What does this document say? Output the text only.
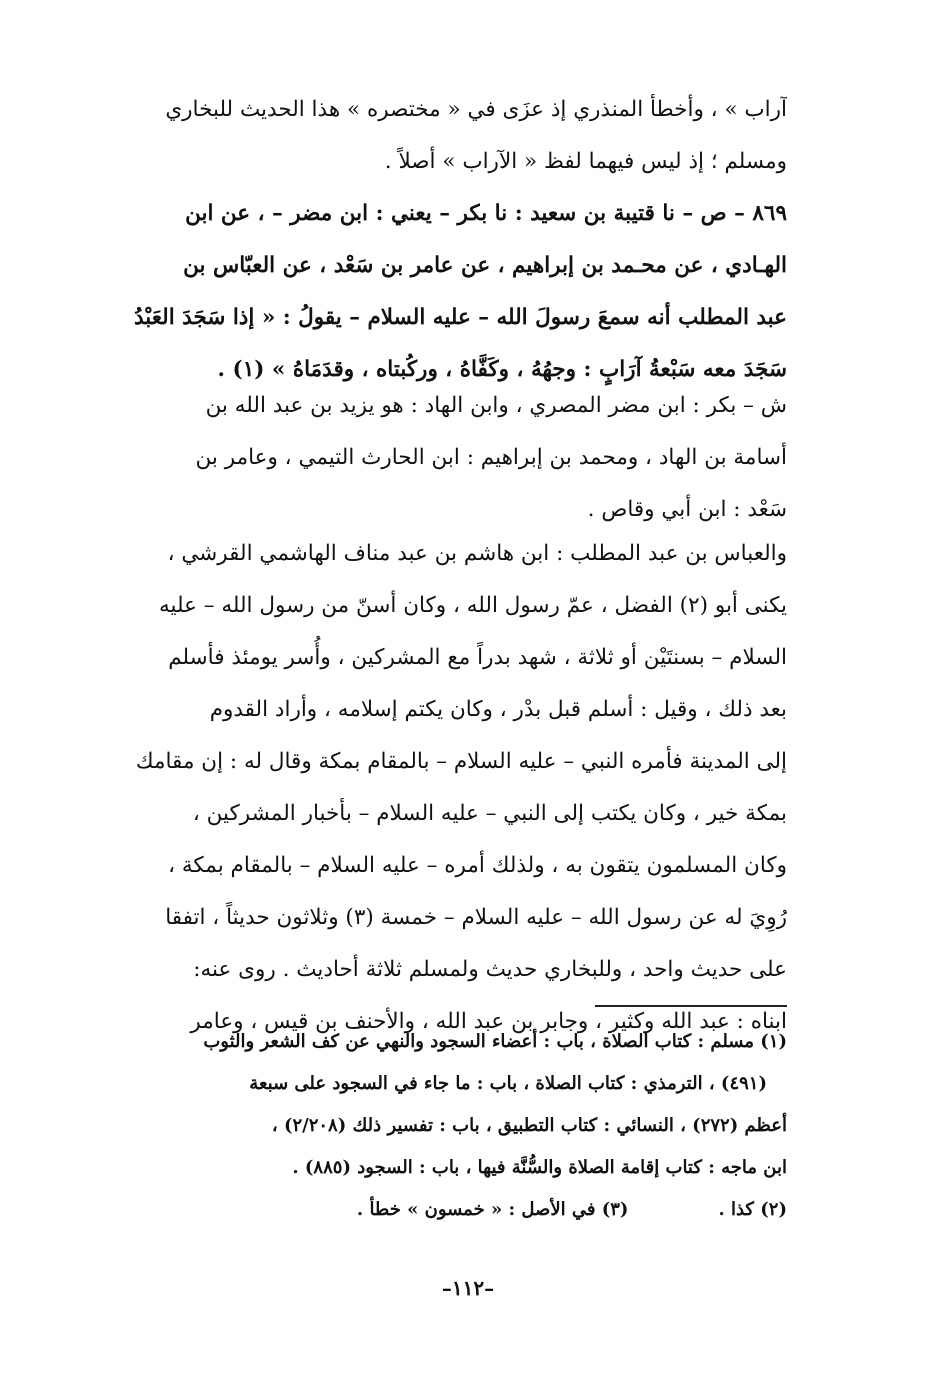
آراب » ، وأخطأ المنذري إذ عزَى في « مختصره » هذا الحديث للبخاري
ومسلم ؛ إذ ليس فيهما لفظ « الآراب » أصلاً .
٨٦٩ – ص – نا قتيبة بن سعيد : نا بكر – يعني : ابن مضر – ، عن ابن
الهـادي ، عن محـمد بن إبراهيم ، عن عامر بن سَعْد ، عن العبّاس بن
عبد المطلب أنه سمعَ رسولَ الله – عليه السلام – يقولُ : « إذا سَجَدَ العَبْدُ
سَجَدَ معه سَبْعةُ آرَابٍ : وجهُهُ ، وكَفَّاهُ ، وركُبتاه ، وقدَمَاهُ » (١) .
ش – بكر : ابن مضر المصري ، وابن الهاد : هو يزيد بن عبد الله بن
أسامة بن الهاد ، ومحمد بن إبراهيم : ابن الحارث التيمي ، وعامر بن
سَعْد : ابن أبي وقاص .
والعباس بن عبد المطلب : ابن هاشم بن عبد مناف الهاشمي القرشي ،
يكنى أبو (٢) الفضل ، عمّ رسول الله ، وكان أسنّ من رسول الله – عليه
السلام – بسنتَيْن أو ثلاثة ، شهد بدراً مع المشركين ، وأُسر يومئذ فأسلم
بعد ذلك ، وقيل : أسلم قبل بدْر ، وكان يكتم إسلامه ، وأراد القدوم
إلى المدينة فأمره النبي – عليه السلام – بالمقام بمكة وقال له : إن مقامك
بمكة خير ، وكان يكتب إلى النبي – عليه السلام – بأخبار المشركين ،
وكان المسلمون يتقون به ، ولذلك أمره – عليه السلام – بالمقام بمكة ،
رُوِيَ له عن رسول الله – عليه السلام – خمسة (٣) وثلاثون حديثاً ، اتفقا
على حديث واحد ، وللبخاري حديث ولمسلم ثلاثة أحاديث . روى عنه:
ابناه : عبد الله وكثير ، وجابر بن عبد الله ، والأحنف بن قيس ، وعامر
(١) مسلم : كتاب الصلاة ، باب : أعضاء السجود والنهي عن كف الشعر والثوب
(٤٩١) ، الترمذي : كتاب الصلاة ، باب : ما جاء في السجود على سبعة
أعظم (٢٧٢) ، النسائي : كتاب التطبيق ، باب : تفسير ذلك (٢/٢٠٨) ،
ابن ماجه : كتاب إقامة الصلاة والسُّنَّة فيها ، باب : السجود (٨٨٥) .
(٢) كذا .
(٣) في الأصل : « خمسون » خطأ .
–١١٢–
